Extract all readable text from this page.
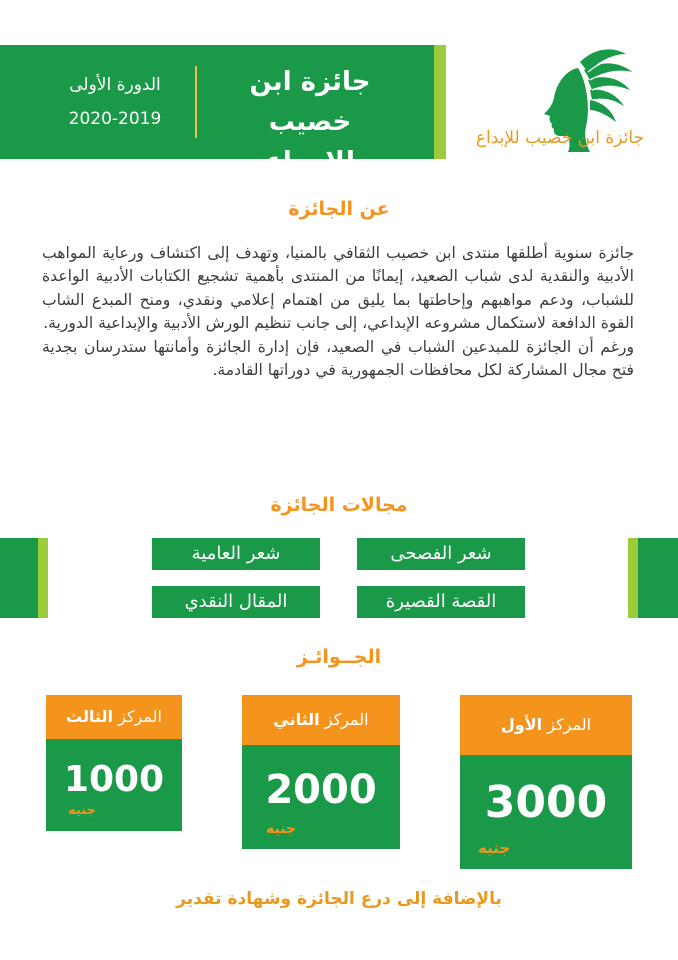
جائزة ابن خصيب
للإبـداع
الدورة الأولى
2020-2019
جائزة ابن خصيب للإبداع
عن الجائزة

جائزة سنوية أطلقها منتدى ابن خصيب الثقافي بالمنيا، وتهدف إلى اكتشاف ورعاية المواهب الأدبية والنقدية لدى شباب الصعيد، إيمانًا من المنتدى بأهمية تشجيع الكتابات الأدبية الواعدة للشباب، ودعم مواهبهم وإحاطتها بما يليق من اهتمام إعلامي ونقدي، ومنح المبدع الشاب القوة الدافعة لاستكمال مشروعه الإبداعي، إلى جانب تنظيم الورش الأدبية والإبداعية الدورية.

ورغم أن الجائزة للمبدعين الشباب في الصعيد، فإن إدارة الجائزة وأمانتها ستدرسان بجدية فتح مجال المشاركة لكل محافظات الجمهورية في دوراتها القادمة.

مجالات الجائزة
شعر الفصحى
شعر العامية
القصة القصيرة
المقال النقدي
الجــوائـز
المركز الأول
3000
جنيه
المركز الثاني
2000
جنيه
المركز الثالث
1000
جنيه
بالإضافة إلى درع الجائزة وشهادة تقدير
